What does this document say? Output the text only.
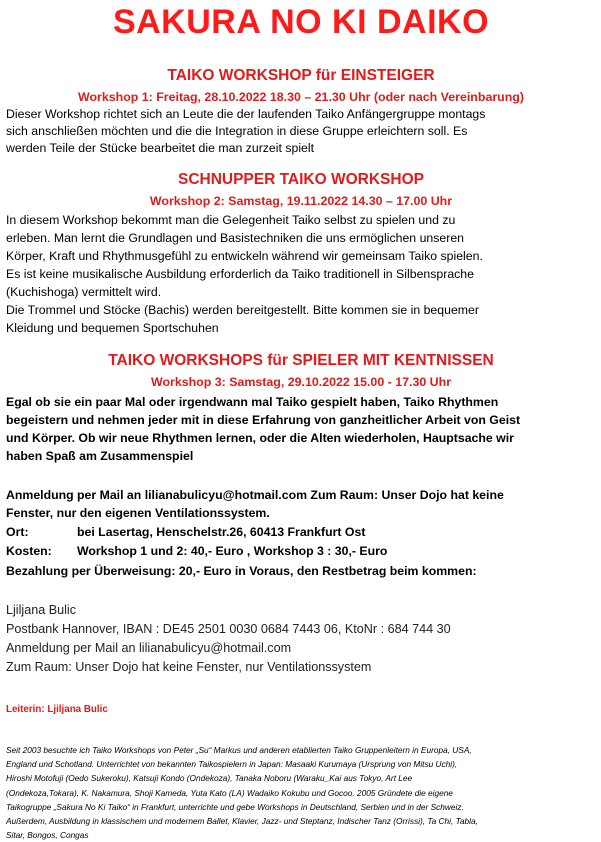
SAKURA NO KI DAIKO

TAIKO WORKSHOP für EINSTEIGER

Workshop 1: Freitag, 28.10.2022 18.30 – 21.30 Uhr (oder nach Vereinbarung)

Dieser Workshop richtet sich an Leute die der laufenden Taiko Anfängergruppe montags

sich anschließen möchten und die die Integration in diese Gruppe erleichtern soll. Es

werden Teile der Stücke bearbeitet die man zurzeit spielt

SCHNUPPER TAIKO WORKSHOP

Workshop 2: Samstag, 19.11.2022 14.30 – 17.00 Uhr

In diesem Workshop bekommt man die Gelegenheit Taiko selbst zu spielen und zu

erleben. Man lernt die Grundlagen und Basistechniken die uns ermöglichen unseren

Körper, Kraft und Rhythmusgefühl zu entwickeln während wir gemeinsam Taiko spielen.

Es ist keine musikalische Ausbildung erforderlich da Taiko traditionell in Silbensprache

(Kuchishoga) vermittelt wird.

Die Trommel und Stöcke (Bachis) werden bereitgestellt. Bitte kommen sie in bequemer

Kleidung und bequemen Sportschuhen

TAIKO WORKSHOPS für SPIELER MIT KENTNISSEN

Workshop 3: Samstag, 29.10.2022 15.00 - 17.30 Uhr

Egal ob sie ein paar Mal oder irgendwann mal Taiko gespielt haben, Taiko Rhythmen

begeistern und nehmen jeder mit in diese Erfahrung von ganzheitlicher Arbeit von Geist

und Körper. Ob wir neue Rhythmen lernen, oder die Alten wiederholen, Hauptsache wir

haben Spaß am Zusammenspiel

Anmeldung per Mail an lilianabulicyu@hotmail.com Zum Raum: Unser Dojo hat keine

Fenster, nur den eigenen Ventilationssystem.

Ort:	bei Lasertag, Henschelstr.26, 60413 Frankfurt Ost
Kosten: Workshop 1 und 2: 40,- Euro , Workshop 3 : 30,- Euro

Bezahlung per Überweisung: 20,- Euro in Voraus, den Restbetrag beim kommen:

Ljiljana Bulic

Postbank Hannover, IBAN : DE45 2501 0030 0684 7443 06, KtoNr : 684 744 30

Anmeldung per Mail an lilianabulicyu@hotmail.com

Zum Raum: Unser Dojo hat keine Fenster, nur Ventilationssystem

Leiterin: Ljiljana Bulic

Seit 2003 besuchte ich Taiko Workshops von Peter „Su“ Markus und anderen etablierten Taiko Gruppenleitern in Europa, USA,
England und Schotland. Unterrichtet von bekannten Taikospielern in Japan: Masaaki Kurumaya (Ursprung von Mitsu Uchi),
Hiroshi Motofuji (Oedo Sukeroku), Katsuji Kondo (Ondekoza), Tanaka Noboru (Waraku_Kai aus Tokyo, Art Lee
(Ondekoza,Tokara), K. Nakamura, Shoji Kameda, Yuta Kato (LA) Wadaiko Kokubu und Gocoo. 2005 Gründete die eigene
Taikogruppe „Sakura No Ki Taiko“ in Frankfurt, unterrichte und gebe Workshops in Deutschland, Serbien und in der Schweiz.
Außerdem, Ausbildung in klassischem und modernem Ballet, Klavier, Jazz- und Steptanz, Indischer Tanz (Orrissi), Ta Chi, Tabla,
Sitar, Bongos, Congas
